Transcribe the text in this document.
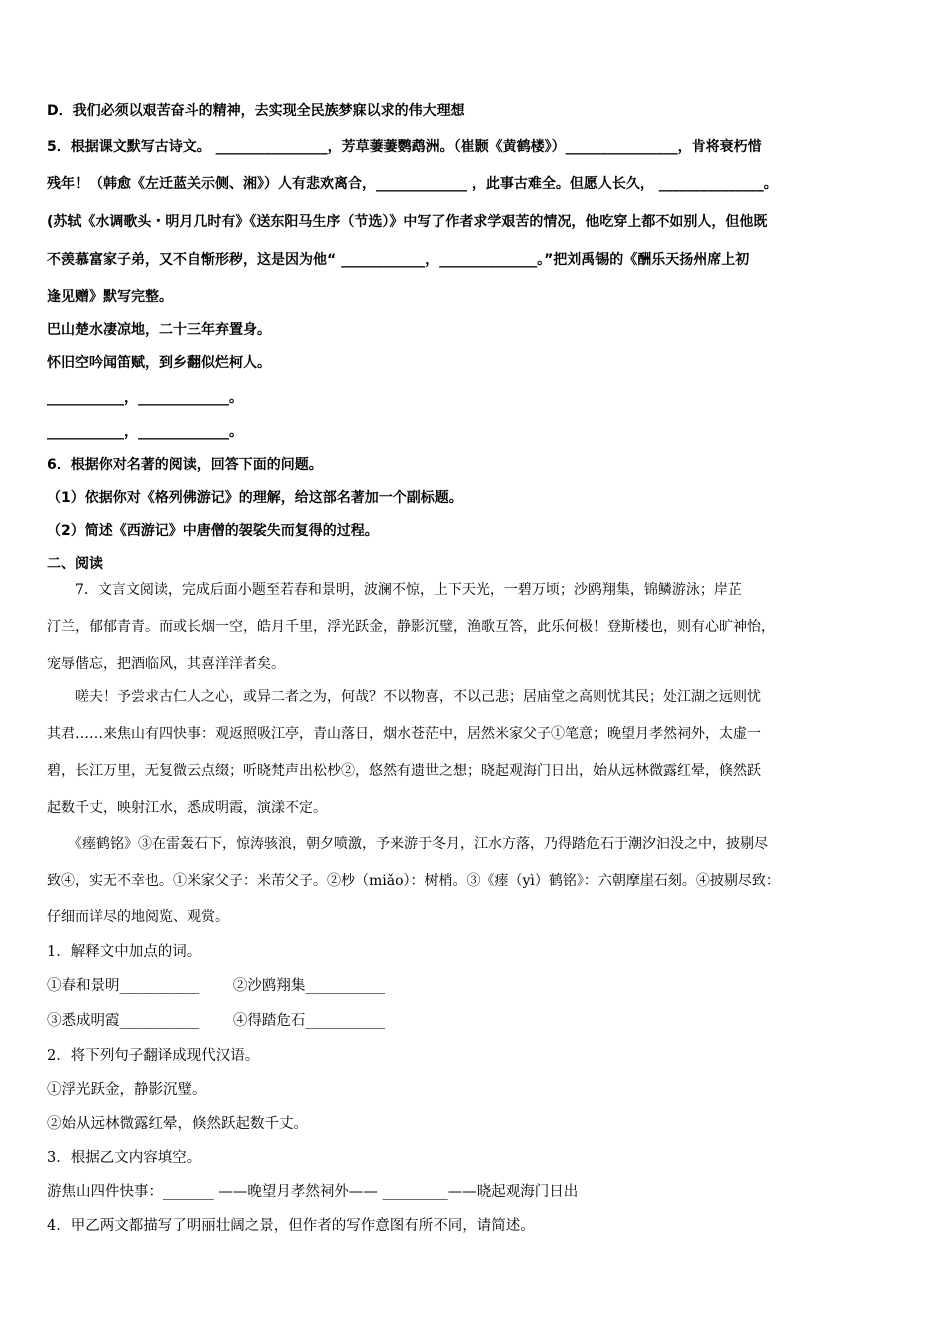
D．我们必须以艰苦奋斗的精神，去实现全民族梦寐以求的伟大理想
5．根据课文默写古诗文。 ________________，芳草萋萋鹦鹉洲。（崔颢《黄鹤楼》）________________，肯将衰朽惜
残年！（韩愈《左迁蓝关示侧、湘》）人有悲欢离合，_____________ ，此事古难全。但愿人长久， _______________。
(苏轼《水调歌头・明月几时有》《送东阳马生序（节选）》中写了作者求学艰苦的情况，他吃穿上都不如别人，但他既
不羡慕富家子弟，又不自惭形秽，这是因为他“ ____________，______________。”把刘禹锡的《酬乐天扬州席上初
逢见赠》默写完整。
巴山楚水凄凉地，二十三年弃置身。
怀旧空吟闻笛赋，到乡翻似烂柯人。
___________，_____________。
___________，_____________。
6．根据你对名著的阅读，回答下面的问题。
（1）依据你对《格列佛游记》的理解，给这部名著加一个副标题。
（2）简述《西游记》中唐僧的袈裟失而复得的过程。
二、阅读
　　7．文言文阅读，完成后面小题至若春和景明，波澜不惊，上下天光，一碧万顷；沙鸥翔集，锦鳞游泳；岸芷
汀兰，郁郁青青。而或长烟一空，皓月千里，浮光跃金，静影沉璧，渔歌互答，此乐何极！登斯楼也，则有心旷神怡，
宠辱偕忘，把酒临风，其喜洋洋者矣。
　　嗟夫！予尝求古仁人之心，或异二者之为，何哉？不以物喜，不以己悲；居庙堂之高则忧其民；处江湖之远则忧
其君……来焦山有四快事：观返照吸江亭，青山落日，烟水苍茫中，居然米家父子①笔意；晚望月孝然祠外，太虚一
碧，长江万里，无复微云点缀；听晓梵声出松杪②，悠然有遗世之想；晓起观海门日出，始从远林微露红晕，倏然跃
起数千丈，映射江水，悉成明霞，演漾不定。
　　《瘗鹤铭》③在雷轰石下，惊涛骇浪，朝夕喷激，予来游于冬月，江水方落，乃得踏危石于潮汐汩没之中，披剔尽
致④，实无不幸也。①米家父子：米芾父子。②杪（miǎo）：树梢。③《瘗（yì）鹤铭》：六朝摩崖石刻。④披剔尽致：
仔细而详尽的地阅览、观赏。
1．解释文中加点的词。
①春和景明___________ 　　②沙鸥翔集___________
③悉成明霞___________ 　　④得踏危石___________
2．将下列句子翻译成现代汉语。
①浮光跃金，静影沉璧。
②始从远林微露红晕，倏然跃起数千丈。
3．根据乙文内容填空。
游焦山四件快事：_______ ——晚望月孝然祠外—— _________——晓起观海门日出
4．甲乙两文都描写了明丽壮阔之景，但作者的写作意图有所不同，请简述。
